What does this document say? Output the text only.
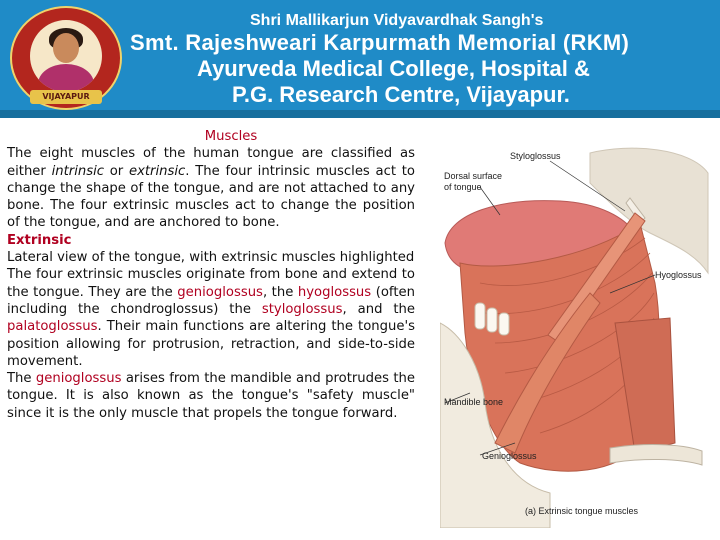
VIJAYAPUR
Shri Mallikarjun Vidyavardhak Sangh's
Smt. Rajeshweari Karpurmath Memorial (RKM)
Ayurveda Medical College, Hospital &
P.G. Research Centre, Vijayapur.
Muscles
The eight muscles of the human tongue are classified as either intrinsic or extrinsic. The four intrinsic muscles act to change the shape of the tongue, and are not attached to any bone. The four extrinsic muscles act to change the position of the tongue, and are anchored to bone.
Extrinsic
Lateral view of the tongue, with extrinsic muscles highlighted
The four extrinsic muscles originate from bone and extend to the tongue. They are the genioglossus, the hyoglossus (often including the chondroglossus) the styloglossus, and the palatoglossus. Their main functions are altering the tongue's position allowing for protrusion, retraction, and side-to-side movement.
The genioglossus arises from the mandible and protrudes the tongue. It is also known as the tongue's "safety muscle" since it is the only muscle that propels the tongue forward.
Styloglossus
Dorsal surface
of tongue
Hyoglossus
Mandible bone
Genioglossus
(a) Extrinsic tongue muscles
